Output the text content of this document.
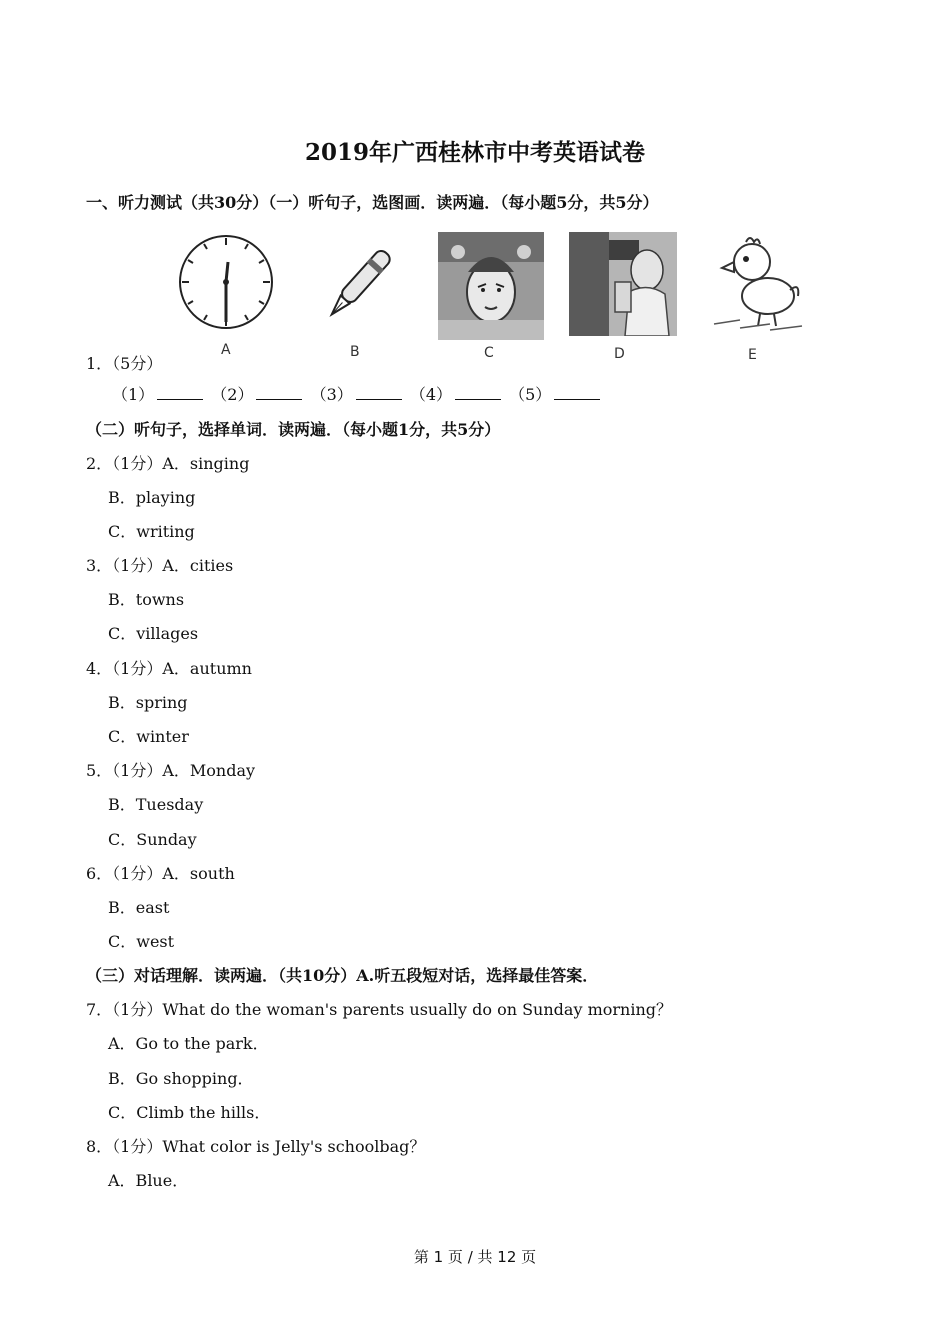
2019年广西桂林市中考英语试卷
一、听力测试（共30分）（一）听句子，选图画．读两遍．（每小题5分，共5分）
A	B	C	D	E
1．（5分）
（1）	（2）	（3）	（4）	（5）
（二）听句子，选择单词．读两遍．（每小题1分，共5分）
2．（1分）A．singing
B．playing
C．writing
3．（1分）A．cities
B．towns
C．villages
4．（1分）A．autumn
B．spring
C．winter
5．（1分）A．Monday
B．Tuesday
C．Sunday
6．（1分）A．south
B．east
C．west
（三）对话理解．读两遍．（共10分）A.听五段短对话，选择最佳答案．
7．（1分）What do the woman's parents usually do on Sunday morning？
A．Go to the park．
B．Go shopping．
C．Climb the hills．
8．（1分）What color is Jelly's schoolbag？
A．Blue．
第 1 页 / 共 12 页
